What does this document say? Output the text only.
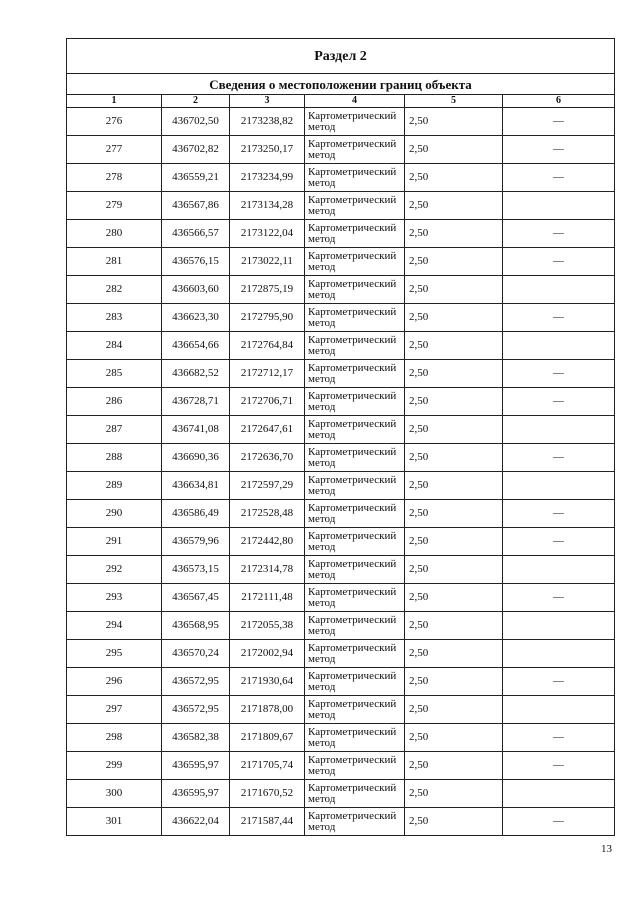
Раздел 2					
Сведения о местоположении границ объекта					
1	2	3	4	5	6
276	436702,50	2173238,82	Картометрический метод	2,50	—
277	436702,82	2173250,17	Картометрический метод	2,50	—
278	436559,21	2173234,99	Картометрический метод	2,50	—
279	436567,86	2173134,28	Картометрический метод	2,50	
280	436566,57	2173122,04	Картометрический метод	2,50	—
281	436576,15	2173022,11	Картометрический метод	2,50	—
282	436603,60	2172875,19	Картометрический метод	2,50	
283	436623,30	2172795,90	Картометрический метод	2,50	—
284	436654,66	2172764,84	Картометрический метод	2,50	
285	436682,52	2172712,17	Картометрический метод	2,50	—
286	436728,71	2172706,71	Картометрический метод	2,50	—
287	436741,08	2172647,61	Картометрический метод	2,50	
288	436690,36	2172636,70	Картометрический метод	2,50	—
289	436634,81	2172597,29	Картометрический метод	2,50	
290	436586,49	2172528,48	Картометрический метод	2,50	—
291	436579,96	2172442,80	Картометрический метод	2,50	—
292	436573,15	2172314,78	Картометрический метод	2,50	
293	436567,45	2172111,48	Картометрический метод	2,50	—
294	436568,95	2172055,38	Картометрический метод	2,50	
295	436570,24	2172002,94	Картометрический метод	2,50	
296	436572,95	2171930,64	Картометрический метод	2,50	—
297	436572,95	2171878,00	Картометрический метод	2,50	
298	436582,38	2171809,67	Картометрический метод	2,50	—
299	436595,97	2171705,74	Картометрический метод	2,50	—
300	436595,97	2171670,52	Картометрический метод	2,50	
301	436622,04	2171587,44	Картометрический метод	2,50	—
13
